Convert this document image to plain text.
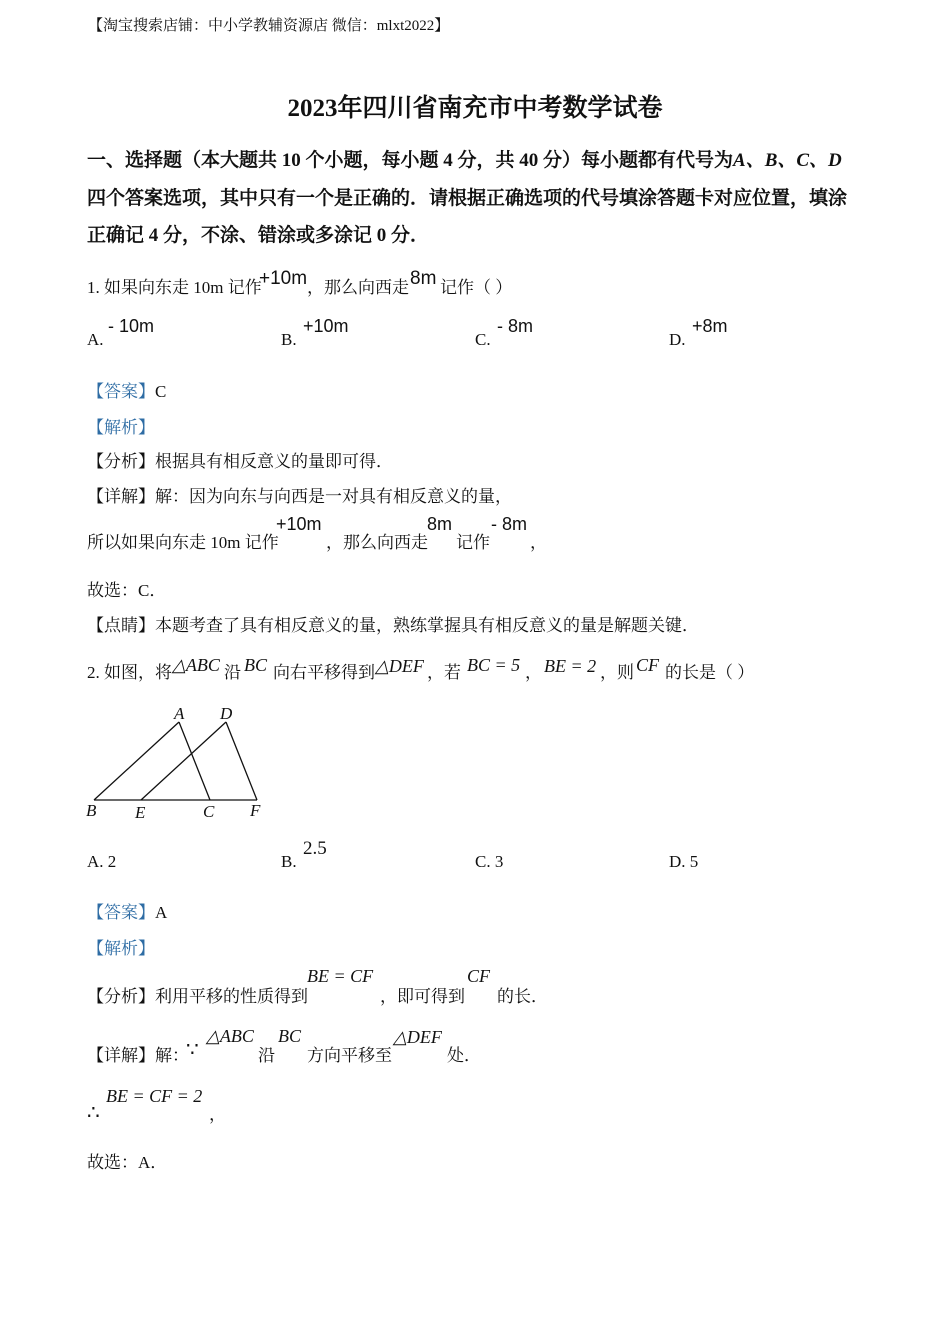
【淘宝搜索店铺：中小学教辅资源店 微信：mlxt2022】
2023年四川省南充市中考数学试卷
一、选择题（本大题共 10 个小题，每小题 4 分，共 40 分）每小题都有代号为A、B、C、D
四个答案选项，其中只有一个是正确的．请根据正确选项的代号填涂答题卡对应位置，填涂
正确记 4 分，不涂、错涂或多涂记 0 分．
1. 如果向东走 10m 记作
+10m ，那么向西走 8m 记作（ ）
A.
- 10m
B.
+10m
C.
- 8m
D.
+8m
【答案】C
【解析】
【分析】根据具有相反意义的量即可得．
【详解】解：因为向东与向西是一对具有相反意义的量，
所以如果向东走 10m 记作
+10m
，那么向西走
8m
记作
- 8m
，
故选：C．
【点睛】本题考查了具有相反意义的量，熟练掌握具有相反意义的量是解题关键．
2. 如图，将 △ABC 沿 BC 向右平移得到 △DEF ，若 BC = 5 ， BE = 2 ，则 CF 的长是（ ）
A D
B E	C F
A. 2	B.
2.5
C. 3	D. 5
【答案】A
【解析】
【分析】利用平移的性质得到
BE = CF
，即可得到
CF
的长．
【详解】解：
∵
△ABC
沿
BC
方向平移至
△DEF
处．
∴
BE = CF = 2
，
故选：A．
